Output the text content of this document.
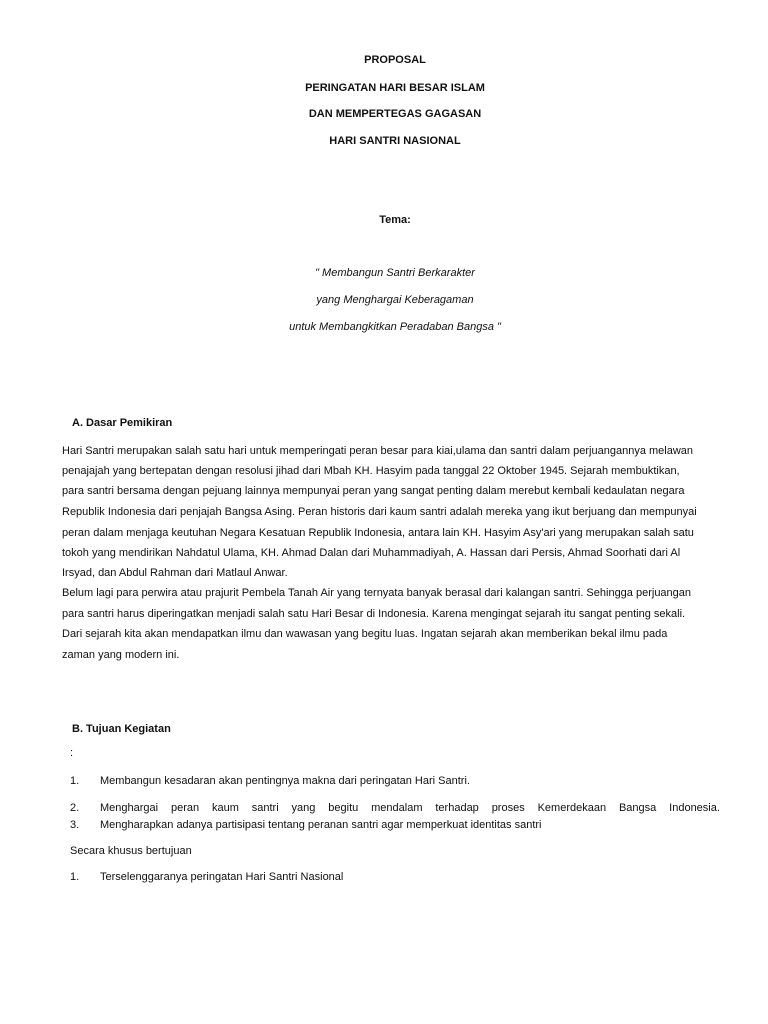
PROPOSAL
PERINGATAN HARI BESAR ISLAM
DAN MEMPERTEGAS GAGASAN
HARI SANTRI NASIONAL
Tema:
" Membangun Santri Berkarakter
yang Menghargai Keberagaman
untuk Membangkitkan Peradaban Bangsa "
A. Dasar Pemikiran
Hari Santri merupakan salah satu hari untuk memperingati peran besar para kiai,ulama dan santri dalam perjuangannya melawan
penajajah yang bertepatan dengan resolusi jihad dari Mbah KH. Hasyim pada tanggal 22 Oktober 1945. Sejarah membuktikan,
para santri bersama dengan pejuang lainnya mempunyai peran yang sangat penting dalam merebut kembali kedaulatan negara
Republik Indonesia dari penjajah Bangsa Asing. Peran historis dari kaum santri adalah mereka yang ikut berjuang dan mempunyai
peran dalam menjaga keutuhan Negara Kesatuan Republik Indonesia, antara lain KH. Hasyim Asy'ari yang merupakan salah satu
tokoh yang mendirikan Nahdatul Ulama, KH. Ahmad Dalan dari Muhammadiyah, A. Hassan dari Persis, Ahmad Soorhati dari Al
Irsyad, dan Abdul Rahman dari Matlaul Anwar.
Belum lagi para perwira atau prajurit Pembela Tanah Air yang ternyata banyak berasal dari kalangan santri. Sehingga perjuangan
para santri harus diperingatkan menjadi salah satu Hari Besar di Indonesia. Karena mengingat sejarah itu sangat penting sekali.
Dari sejarah kita akan mendapatkan ilmu dan wawasan yang begitu luas. Ingatan sejarah akan memberikan bekal ilmu pada
zaman yang modern ini.
B. Tujuan Kegiatan
:
1. Membangun kesadaran akan pentingnya makna dari peringatan Hari Santri.
2. Menghargai peran kaum santri yang begitu mendalam terhadap proses Kemerdekaan Bangsa Indonesia.
3. Mengharapkan adanya partisipasi tentang peranan santri agar memperkuat identitas santri
Secara khusus bertujuan
1. Terselenggaranya peringatan Hari Santri Nasional
